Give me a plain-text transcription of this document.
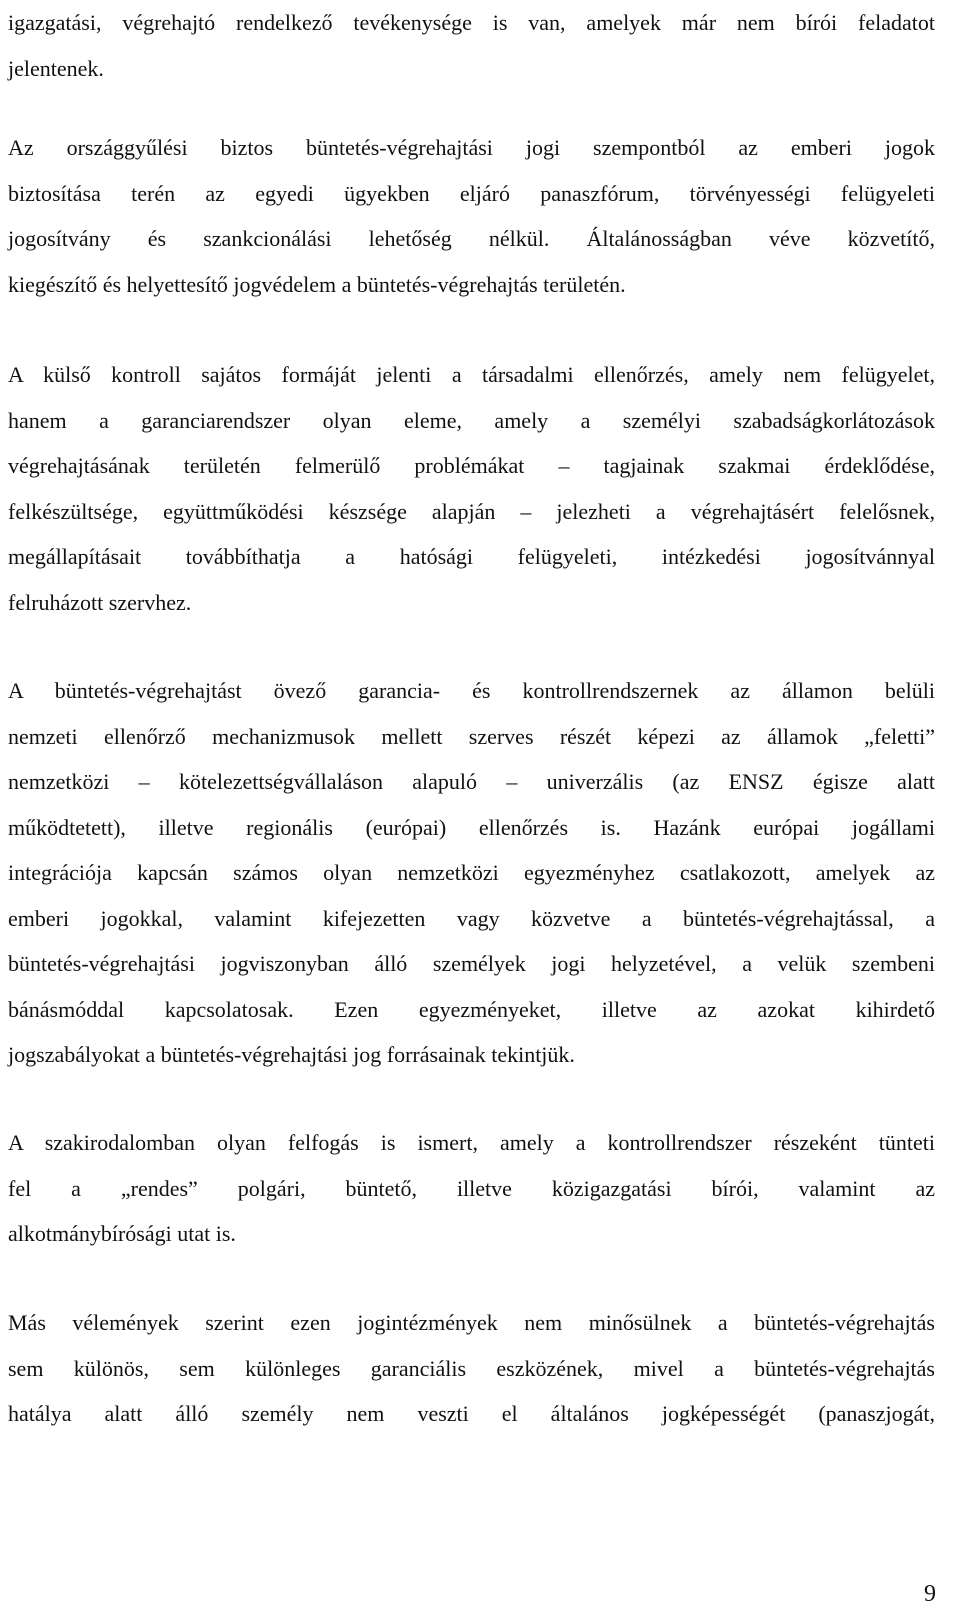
igazgatási, végrehajtó rendelkező tevékenysége is van, amelyek már nem bírói feladatot
jelentenek.
Az országgyűlési biztos büntetés-végrehajtási jogi szempontból az emberi jogok
biztosítása terén az egyedi ügyekben eljáró panaszfórum, törvényességi felügyeleti
jogosítvány és szankcionálási lehetőség nélkül. Általánosságban véve közvetítő,
kiegészítő és helyettesítő jogvédelem a büntetés-végrehajtás területén.
A külső kontroll sajátos formáját jelenti a társadalmi ellenőrzés, amely nem felügyelet,
hanem a garanciarendszer olyan eleme, amely a személyi szabadságkorlátozások
végrehajtásának területén felmerülő problémákat – tagjainak szakmai érdeklődése,
felkészültsége, együttműködési készsége alapján – jelezheti a végrehajtásért felelősnek,
megállapításait továbbíthatja a hatósági felügyeleti, intézkedési jogosítvánnyal
felruházott szervhez.
A büntetés-végrehajtást övező garancia- és kontrollrendszernek az államon belüli
nemzeti ellenőrző mechanizmusok mellett szerves részét képezi az államok „feletti”
nemzetközi – kötelezettségvállaláson alapuló – univerzális (az ENSZ égisze alatt
működtetett), illetve regionális (európai) ellenőrzés is. Hazánk európai jogállami
integrációja kapcsán számos olyan nemzetközi egyezményhez csatlakozott, amelyek az
emberi jogokkal, valamint kifejezetten vagy közvetve a büntetés-végrehajtással, a
büntetés-végrehajtási jogviszonyban álló személyek jogi helyzetével, a velük szembeni
bánásmóddal kapcsolatosak. Ezen egyezményeket, illetve az azokat kihirdető
jogszabályokat a büntetés-végrehajtási jog forrásainak tekintjük.
A szakirodalomban olyan felfogás is ismert, amely a kontrollrendszer részeként tünteti
fel a „rendes” polgári, büntető, illetve közigazgatási bírói, valamint az
alkotmánybírósági utat is.
Más vélemények szerint ezen jogintézmények nem minősülnek a büntetés-végrehajtás
sem különös, sem különleges garanciális eszközének, mivel a büntetés-végrehajtás
hatálya alatt álló személy nem veszti el általános jogképességét (panaszjogát,
9
